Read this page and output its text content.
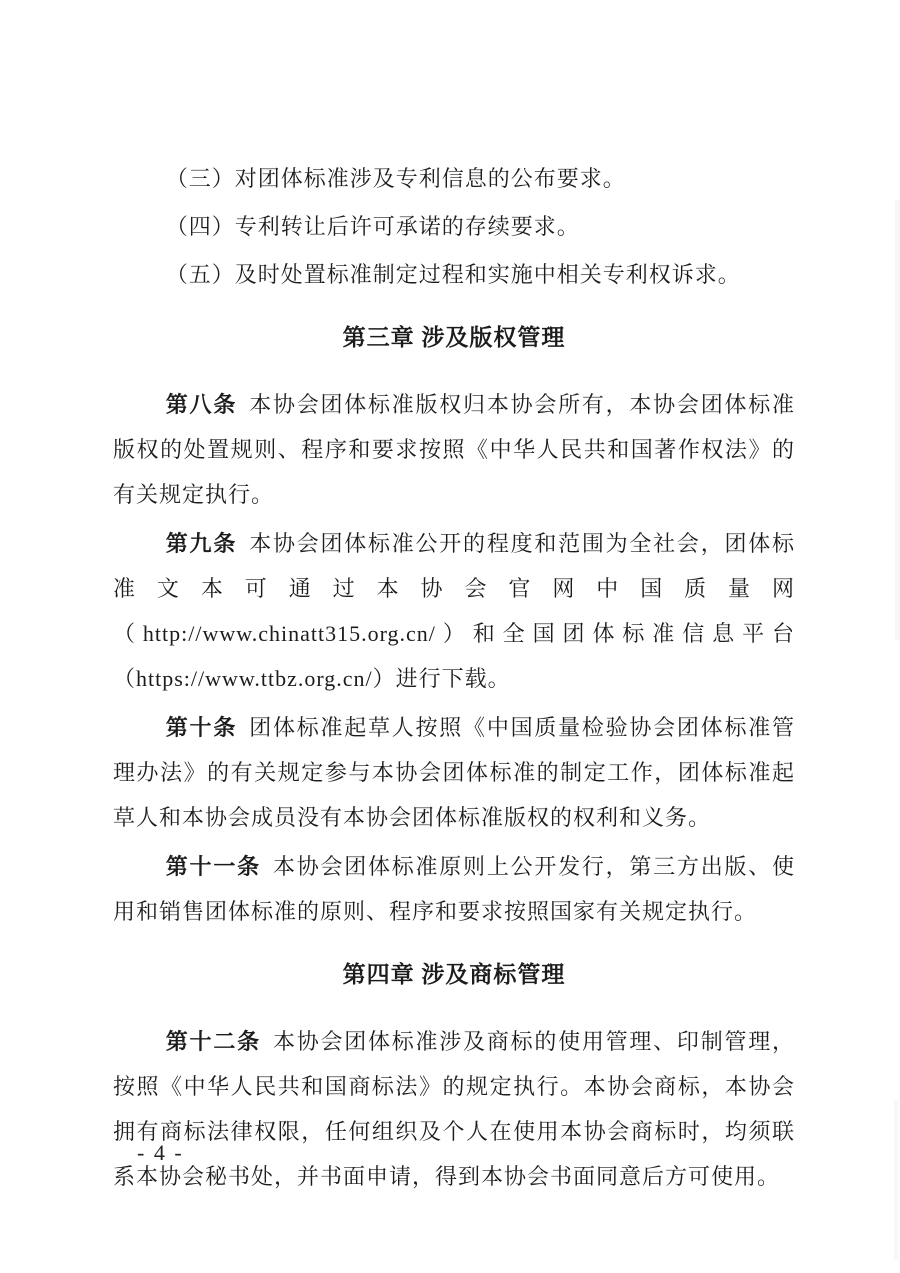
（三）对团体标准涉及专利信息的公布要求。

（四）专利转让后许可承诺的存续要求。

（五）及时处置标准制定过程和实施中相关专利权诉求。

第三章 涉及版权管理

第八条 本协会团体标准版权归本协会所有，本协会团体标准版权的处置规则、程序和要求按照《中华人民共和国著作权法》的有关规定执行。

第九条 本协会团体标准公开的程度和范围为全社会，团体标准文本可通过本协会官网中国质量网（http://www.chinatt315.org.cn/）和全国团体标准信息平台（https://www.ttbz.org.cn/）进行下载。

第十条 团体标准起草人按照《中国质量检验协会团体标准管理办法》的有关规定参与本协会团体标准的制定工作，团体标准起草人和本协会成员没有本协会团体标准版权的权利和义务。

第十一条 本协会团体标准原则上公开发行，第三方出版、使用和销售团体标准的原则、程序和要求按照国家有关规定执行。

第四章 涉及商标管理

第十二条 本协会团体标准涉及商标的使用管理、印制管理，按照《中华人民共和国商标法》的规定执行。本协会商标，本协会拥有商标法律权限，任何组织及个人在使用本协会商标时，均须联系本协会秘书处，并书面申请，得到本协会书面同意后方可使用。

- 4 -
